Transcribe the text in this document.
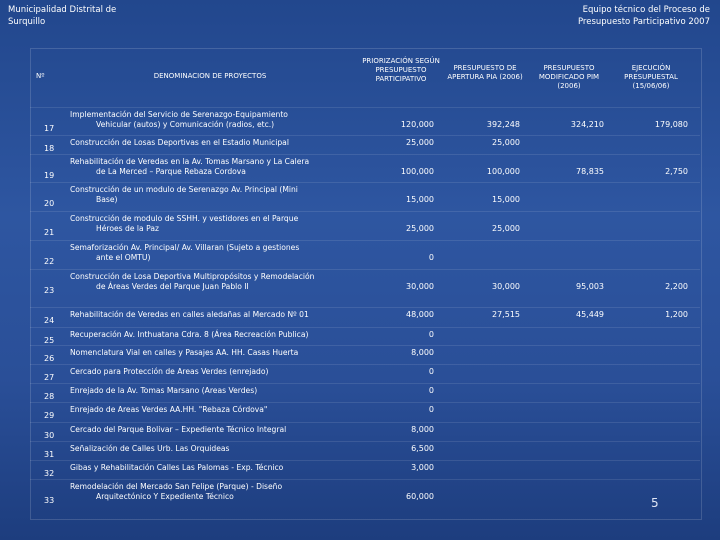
Municipalidad Distrital de
Surquillo
Equipo técnico del Proceso de
Presupuesto Participativo 2007
Nº	DENOMINACION DE PROYECTOS
PRIORIZACIÓN SEGÚN PRESUPUESTO PARTICIPATIVO
PRESUPUESTO DE APERTURA PIA (2006)
PRESUPUESTO MODIFICADO PIM (2006)
EJECUCIÓN PRESUPUESTAL (15/06/06)
17
Implementación del Servicio de Serenazgo-Equipamiento
Vehicular (autos) y Comunicación (radios, etc.)	120,000	392,248	324,210	179,080
18
Construcción de Losas Deportivas en el Estadio Municipal	25,000	25,000
19
Rehabilitación de Veredas en la Av. Tomas Marsano y La Calera
de La Merced – Parque Rebaza Cordova	100,000	100,000	78,835	2,750
20
Construcción de un modulo de Serenazgo Av. Principal (Mini
Base)	15,000	15,000
21
Construcción de modulo de SSHH. y vestidores en el Parque
Héroes de la Paz	25,000	25,000
22
Semaforización Av. Principal/ Av. Villaran (Sujeto a gestiones
ante el OMTU)	0
23
Construcción de Losa Deportiva Multipropósitos y Remodelación
de Áreas Verdes del Parque Juan Pablo II	30,000	30,000	95,003	2,200
24
Rehabilitación de Veredas en calles aledañas al Mercado Nº 01	48,000	27,515	45,449	1,200
25
Recuperación Av. Inthuatana Cdra. 8 (Área Recreación Publica)	0
26
Nomenclatura Vial en calles y Pasajes AA. HH. Casas Huerta	8,000
27
Cercado para Protección de Areas Verdes (enrejado)	0
28
Enrejado de la Av. Tomas Marsano (Areas Verdes)	0
29
Enrejado de Areas Verdes AA.HH. "Rebaza Córdova"	0
30
Cercado del Parque Bolivar – Expediente Técnico Integral	8,000
31
Señalización de Calles Urb. Las Orquideas	6,500
32
Gibas y Rehabilitación Calles Las Palomas - Exp. Técnico	3,000
33
Remodelación del Mercado San Felipe (Parque) - Diseño
Arquitectónico Y Expediente Técnico	60,000	5
